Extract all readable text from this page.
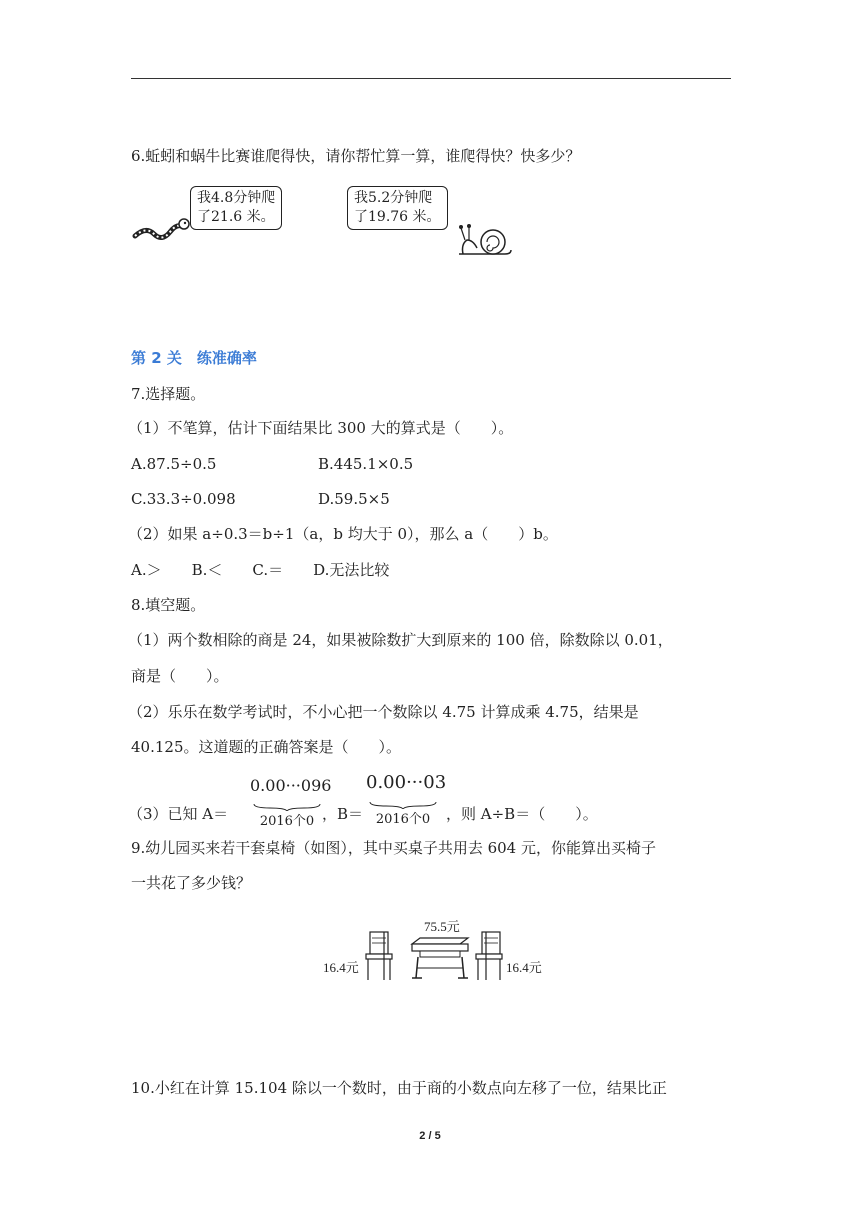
6.蚯蚓和蜗牛比赛谁爬得快，请你帮忙算一算，谁爬得快？快多少？
我4.8分钟爬
了21.6 米。
我5.2分钟爬
了19.76 米。
第 2 关　练准确率
7.选择题。
（1）不笔算，估计下面结果比 300 大的算式是（　　）。
A.87.5÷0.5	B.445.1×0.5
C.33.3÷0.098	D.59.5×5
（2）如果 a÷0.3＝b÷1（a，b 均大于 0），那么 a（　　）b。
A.＞　　B.＜　　C.＝　　D.无法比较
8.填空题。
（1）两个数相除的商是 24，如果被除数扩大到原来的 100 倍，除数除以 0.01，
商是（　　）。
（2）乐乐在数学考试时，不小心把一个数除以 4.75 计算成乘 4.75，结果是
40.125。这道题的正确答案是（　　）。
（3）已知 A＝
0.00···096
2016个0 ，B＝
0.00···03
2016个0	，则 A÷B＝（　　）。
9.幼儿园买来若干套桌椅（如图），其中买桌子共用去 604 元，你能算出买椅子
一共花了多少钱？
75.5元
16.4元	16.4元
10.小红在计算 15.104 除以一个数时，由于商的小数点向左移了一位，结果比正
2 / 5
